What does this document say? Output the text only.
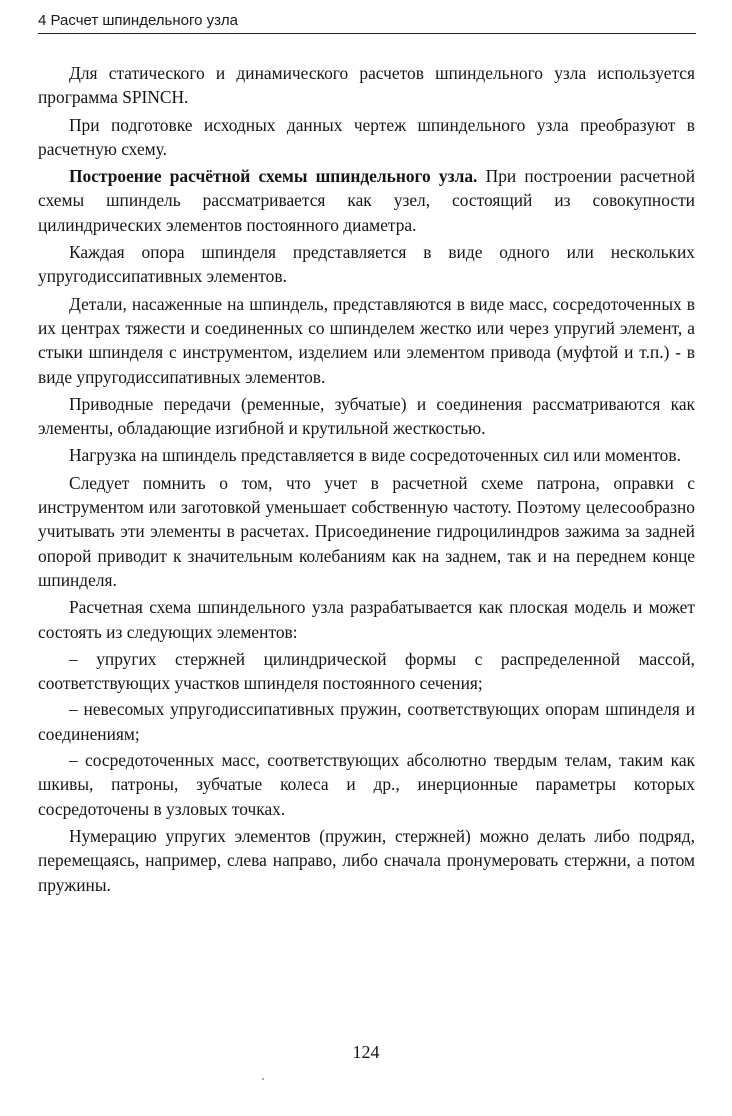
4 Расчет шпиндельного узла

Для статического и динамического расчетов шпиндельного узла используется программа SPINCH.

При подготовке исходных данных чертеж шпиндельного узла преобразуют в расчетную схему.

Построение расчётной схемы шпиндельного узла. При построении расчетной схемы шпиндель рассматривается как узел, состоящий из совокупности цилиндрических элементов постоянного диаметра.

Каждая опора шпинделя представляется в виде одного или нескольких упругодиссипативных элементов.

Детали, насаженные на шпиндель, представляются в виде масс, сосредоточенных в их центрах тяжести и соединенных со шпинделем жестко или через упругий элемент, а стыки шпинделя с инструментом, изделием или элементом привода (муфтой и т.п.) - в виде упругодиссипативных элементов.

Приводные передачи (ременные, зубчатые) и соединения рассматриваются как элементы, обладающие изгибной и крутильной жесткостью.

Нагрузка на шпиндель представляется в виде сосредоточенных сил или моментов.

Следует помнить о том, что учет в расчетной схеме патрона, оправки с инструментом или заготовкой уменьшает собственную частоту. Поэтому целесообразно учитывать эти элементы в расчетах. Присоединение гидроцилиндров зажима за задней опорой приводит к значительным колебаниям как на заднем, так и на переднем конце шпинделя.

Расчетная схема шпиндельного узла разрабатывается как плоская модель и может состоять из следующих элементов:

– упругих стержней цилиндрической формы с распределенной массой, соответствующих участков шпинделя постоянного сечения;

– невесомых упругодиссипативных пружин, соответствующих опорам шпинделя и соединениям;

– сосредоточенных масс, соответствующих абсолютно твердым телам, таким как шкивы, патроны, зубчатые колеса и др., инерционные параметры которых сосредоточены в узловых точках.

Нумерацию упругих элементов (пружин, стержней) можно делать либо подряд, перемещаясь, например, слева направо, либо сначала пронумеровать стержни, а потом пружины.

124
